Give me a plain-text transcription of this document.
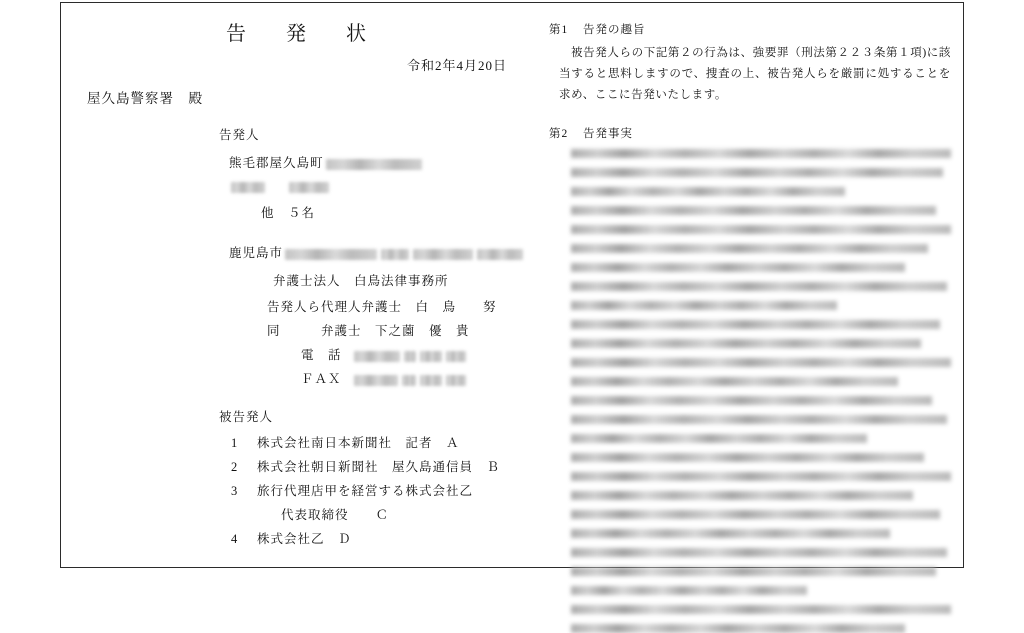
告　発　状
令和2年4月20日
屋久島警察署　殿
告発人
熊毛郡屋久島町

他　５名
鹿児島市
弁護士法人　白鳥法律事務所
告発人ら代理人弁護士　白　鳥　　努
同　　　弁護士　下之薗　優　貴
電　話
ＦＡＸ
被告発人
1 株式会社南日本新聞社　記者　Ａ
2 株式会社朝日新聞社　屋久島通信員　Ｂ
3 旅行代理店甲を経営する株式会社乙
代表取締役　　Ｃ
4 株式会社乙　Ｄ
第1 告発の趣旨
被告発人らの下記第２の行為は、強要罪（刑法第２２３条第１項)に該当すると思料しますので、捜査の上、被告発人らを厳罰に処することを求め、ここに告発いたします。
第2 告発事実
